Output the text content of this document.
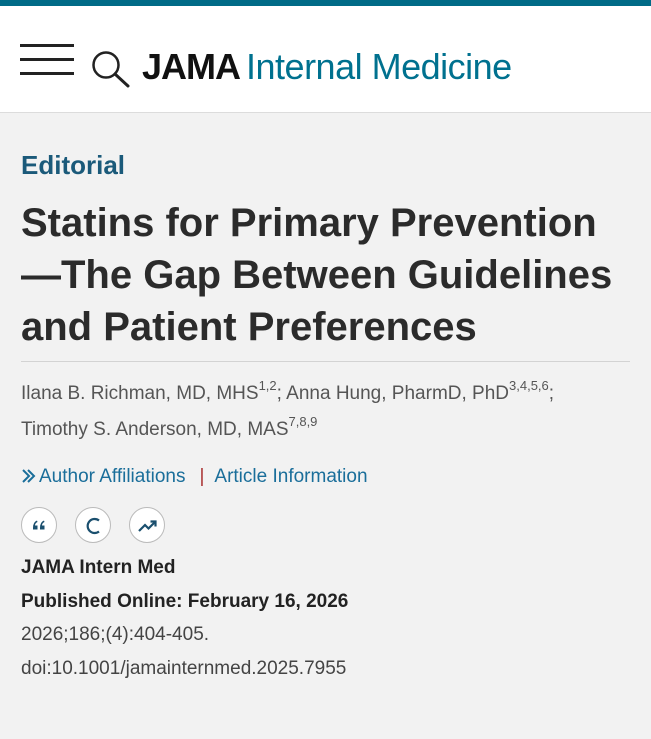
JAMA Internal Medicine
Editorial
Statins for Primary Prevention—The Gap Between Guidelines and Patient Preferences
Ilana B. Richman, MD, MHS$^{1,2}$; Anna Hung, PharmD, PhD$^{3,4,5,6}$;
Timothy S. Anderson, MD, MAS$^{7,8,9}$
Author Affiliations | Article Information
JAMA Intern Med
Published Online: February 16, 2026
2026;186;(4):404-405.
doi:10.1001/jamainternmed.2025.7955
